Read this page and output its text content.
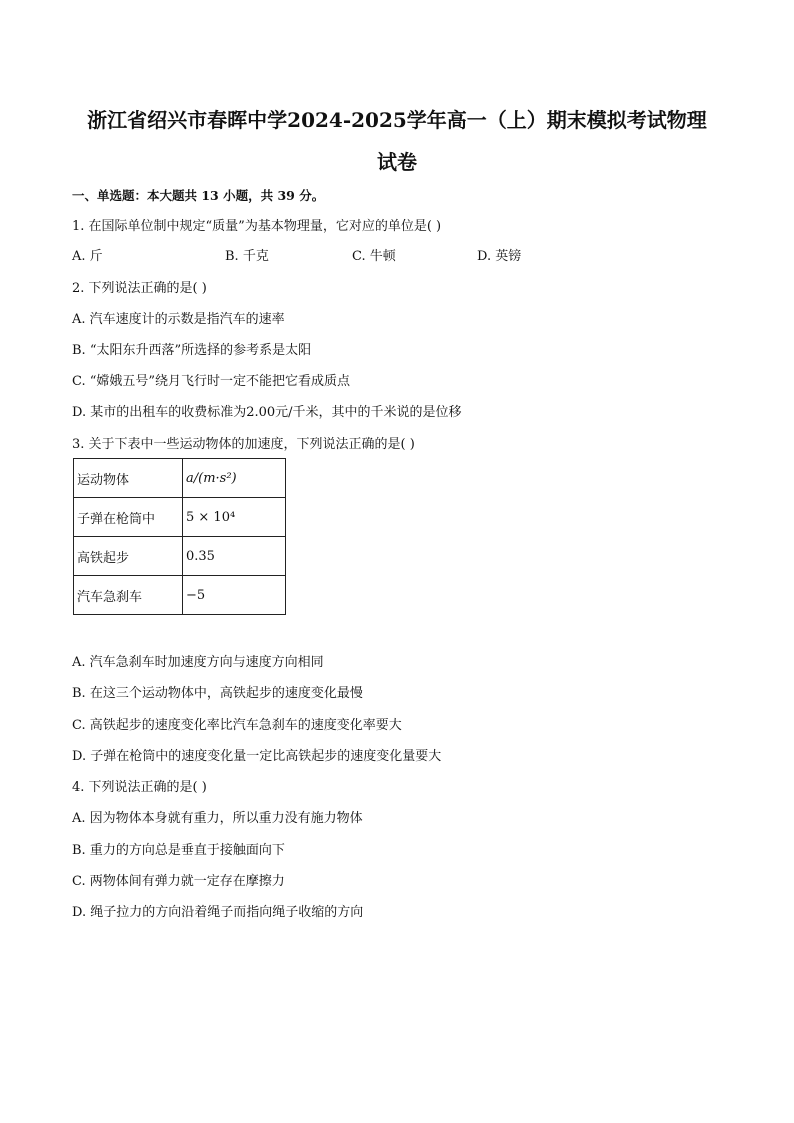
浙江省绍兴市春晖中学2024-2025学年高一（上）期末模拟考试物理
试卷
一、单选题：本大题共 13 小题，共 39 分。
1. 在国际单位制中规定“质量”为基本物理量，它对应的单位是( )
A. 斤	B. 千克	C. 牛顿	D. 英镑
2. 下列说法正确的是( )
A. 汽车速度计的示数是指汽车的速率
B. “太阳东升西落”所选择的参考系是太阳
C. “嫦娥五号”绕月飞行时一定不能把它看成质点
D. 某市的出租车的收费标准为2.00元/千米，其中的千米说的是位移
3. 关于下表中一些运动物体的加速度，下列说法正确的是( )
运动物体	a/(m·s²)
子弹在枪筒中	5 × 10⁴
高铁起步	0.35
汽车急刹车	−5
A. 汽车急刹车时加速度方向与速度方向相同
B. 在这三个运动物体中，高铁起步的速度变化最慢
C. 高铁起步的速度变化率比汽车急刹车的速度变化率要大
D. 子弹在枪筒中的速度变化量一定比高铁起步的速度变化量要大
4. 下列说法正确的是( )
A. 因为物体本身就有重力，所以重力没有施力物体
B. 重力的方向总是垂直于接触面向下
C. 两物体间有弹力就一定存在摩擦力
D. 绳子拉力的方向沿着绳子而指向绳子收缩的方向
